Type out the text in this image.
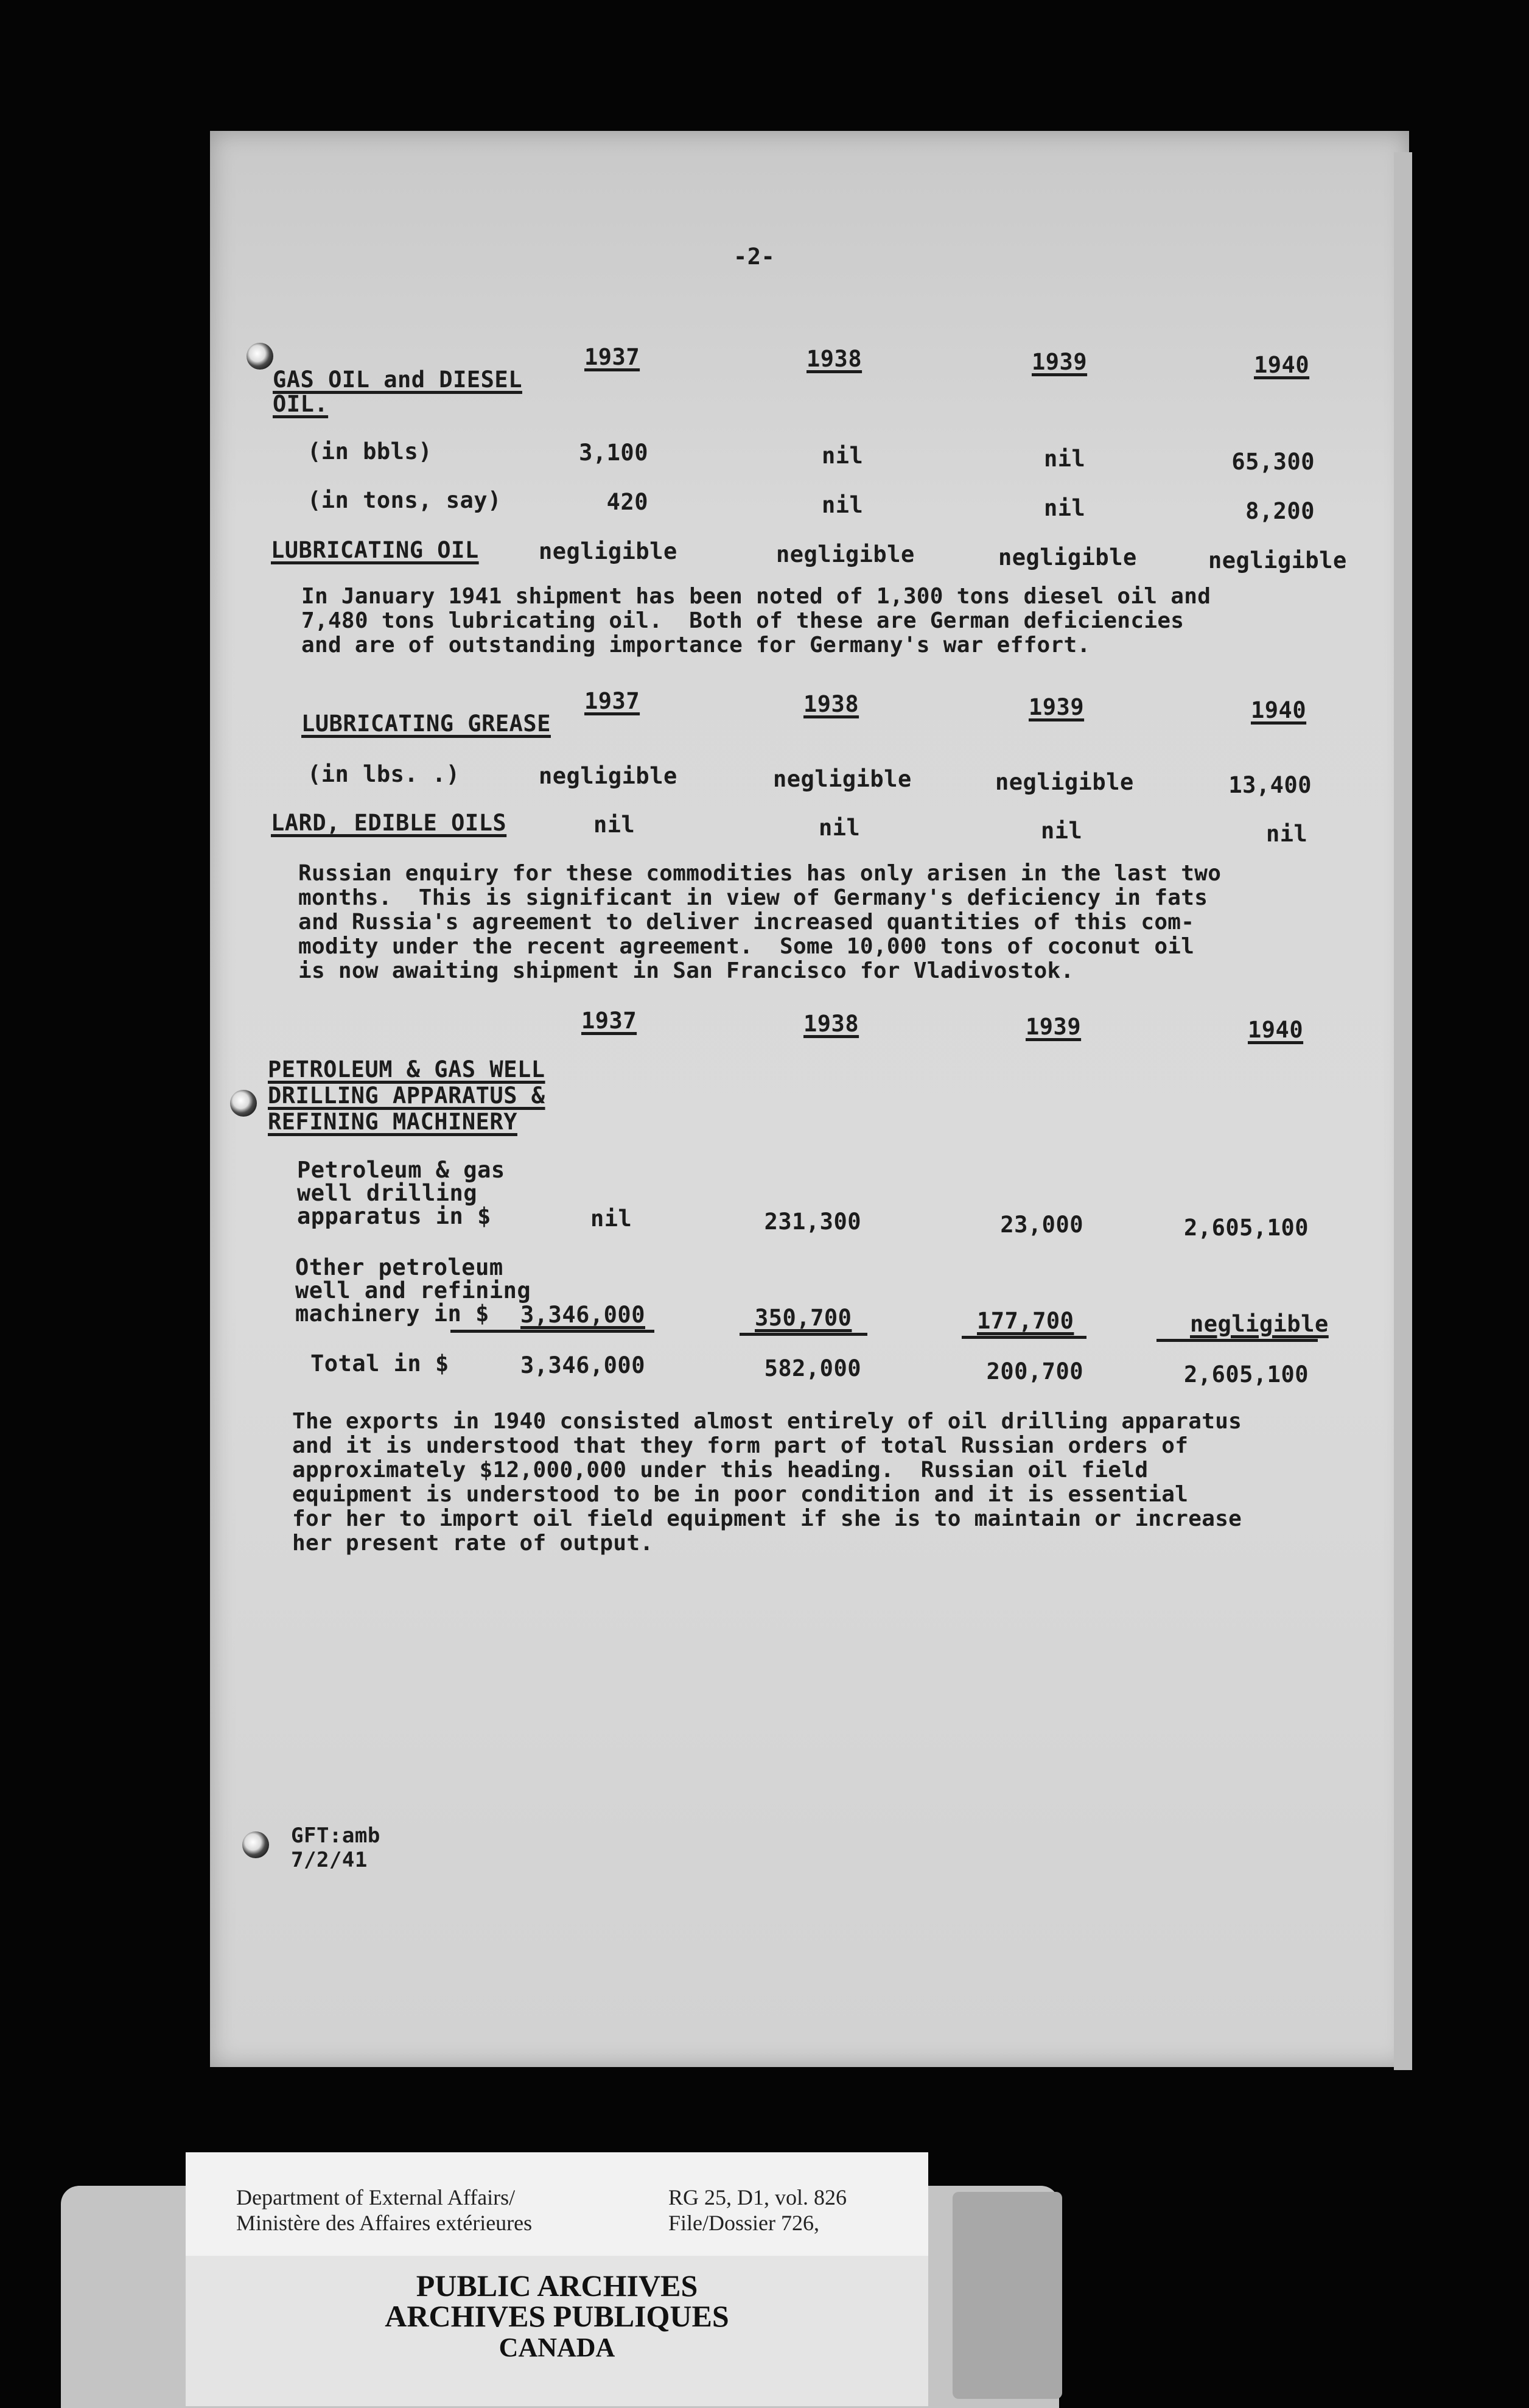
-2-
1937	1938	1939	1940
GAS OIL and DIESEL
OIL.
(in bbls)	3,100	nil	nil	65,300
(in tons, say)	420	nil	nil	8,200
LUBRICATING OIL	negligible	negligible	negligible	negligible
In January 1941 shipment has been noted of 1,300 tons diesel oil and
7,480 tons lubricating oil.  Both of these are German deficiencies
and are of outstanding importance for Germany's war effort.
1937	1938	1939	1940
LUBRICATING GREASE
(in lbs. .)	negligible	negligible	negligible	13,400
LARD, EDIBLE OILS	nil	nil	nil	nil
Russian enquiry for these commodities has only arisen in the last two
months.  This is significant in view of Germany's deficiency in fats
and Russia's agreement to deliver increased quantities of this com-
modity under the recent agreement.  Some 10,000 tons of coconut oil
is now awaiting shipment in San Francisco for Vladivostok.
1937	1938	1939	1940
PETROLEUM & GAS WELL
DRILLING APPARATUS &
REFINING MACHINERY
Petroleum & gas
well drilling
apparatus in $	nil	231,300	23,000	2,605,100
Other petroleum
well and refining
machinery in $ 3,346,000	350,700	177,700	negligible
Total in $	3,346,000	582,000	200,700	2,605,100
The exports in 1940 consisted almost entirely of oil drilling apparatus
and it is understood that they form part of total Russian orders of
approximately $12,000,000 under this heading.  Russian oil field
equipment is understood to be in poor condition and it is essential
for her to import oil field equipment if she is to maintain or increase
her present rate of output.
GFT:amb
7/2/41
Department of External Affairs/
Ministère des Affaires extérieures
RG 25, D1, vol. 826
File/Dossier 726,
PUBLIC ARCHIVES
ARCHIVES PUBLIQUES
CANADA
